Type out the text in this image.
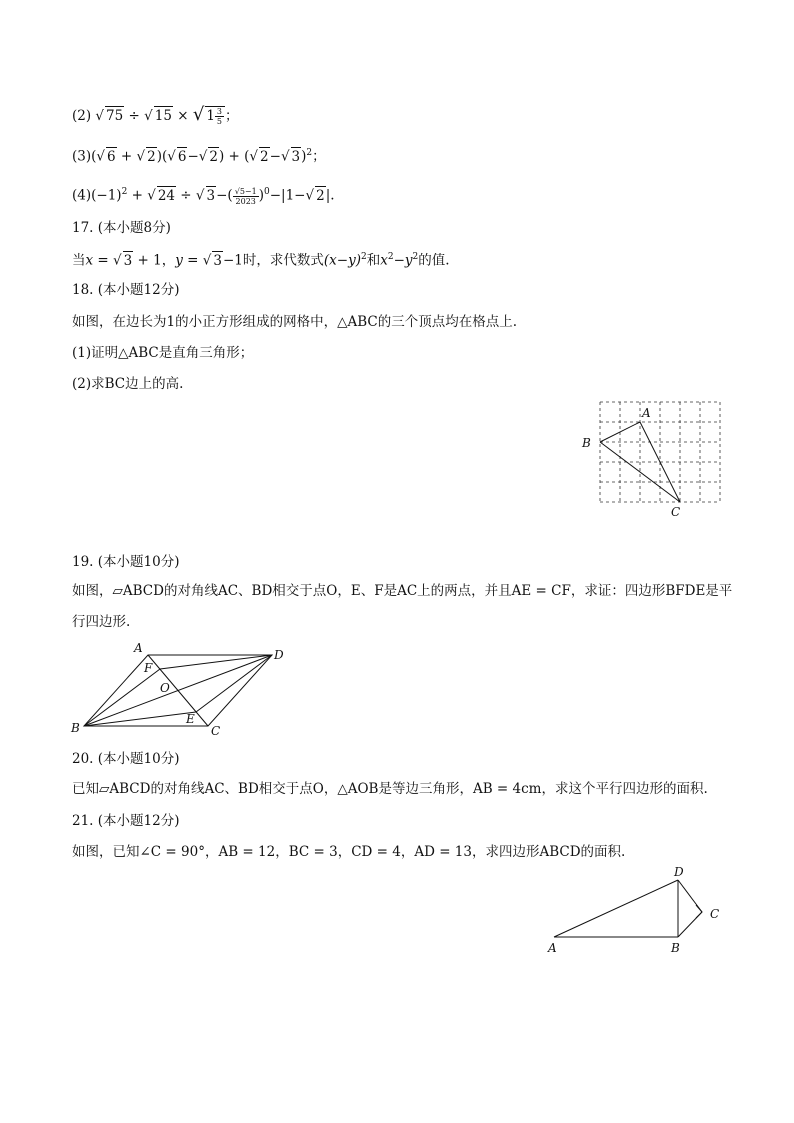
(2) √ 75 ÷ √ 15 × √ $1 \frac{3}{5}$ ；
(3)(√ 6 + √ 2)(√ 6−√ 2) + (√ 2−√ 3)$^2$；
$(4)(-1)^2$ + √ 24 ÷ √ $3-( \frac{√5-1}{2023} )^0-|1-√$ 2|.
17. (本小题8分)
当x = √ 3 + 1，y = √ 3−1时，求代数式$(x-y)^2$和$x^2-y^2$的值.
18. (本小题12分)
如图，在边长为1的小正方形组成的网格中，△ABC的三个顶点均在格点上.
(1)证明△ABC是直角三角形；
(2)求BC边上的高.
A
B
C
19. (本小题10分)
如图，▱ABCD的对角线AC、BD相交于点O，E、F是AC上的两点，并且AE = CF，求证：四边形BFDE是平
行四边形.
A	D
F
O
E
B	C
20. (本小题10分)
已知▱ABCD的对角线AC、BD相交于点O，△AOB是等边三角形，AB = 4cm，求这个平行四边形的面积.
21. (本小题12分)
如图，已知∠C = 90°，AB = 12，BC = 3，CD = 4，AD = 13，求四边形ABCD的面积.
D
C
A	B
